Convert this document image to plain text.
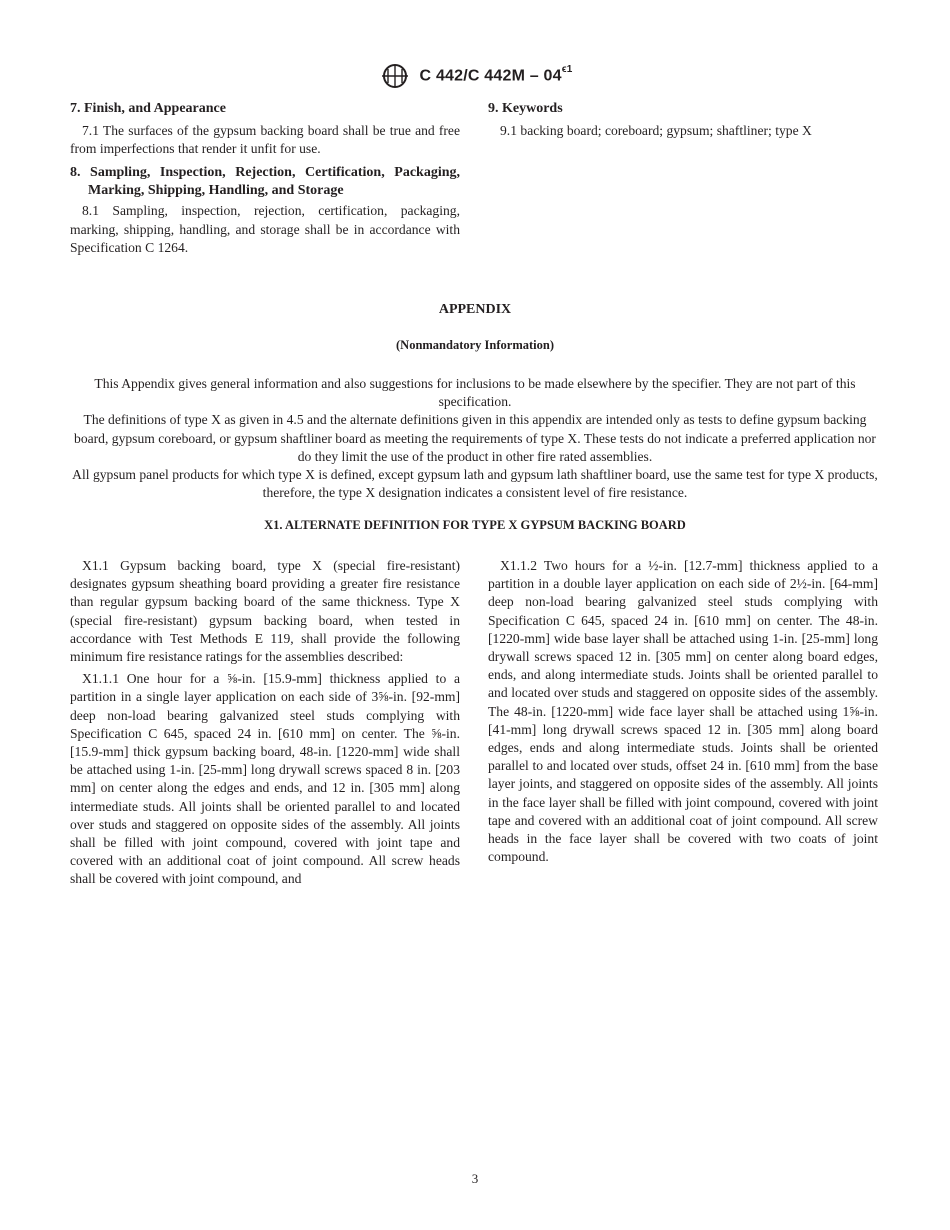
C 442/C $442M - 04^{\epsilon 1}$
7. Finish, and Appearance

7.1 The surfaces of the gypsum backing board shall be true and free from imperfections that render it unfit for use.

8. Sampling, Inspection, Rejection, Certification, Packaging, Marking, Shipping, Handling, and Storage

8.1 Sampling, inspection, rejection, certification, packaging, marking, shipping, handling, and storage shall be in accordance with Specification C 1264.

9. Keywords

9.1 backing board; coreboard; gypsum; shaftliner; type X

APPENDIX
(Nonmandatory Information)

This Appendix gives general information and also suggestions for inclusions to be made elsewhere by the specifier. They are not part of this specification.

The definitions of type X as given in 4.5 and the alternate definitions given in this appendix are intended only as tests to define gypsum backing board, gypsum coreboard, or gypsum shaftliner board as meeting the requirements of type X. These tests do not indicate a preferred application nor do they limit the use of the product in other fire rated assemblies.

All gypsum panel products for which type X is defined, except gypsum lath and gypsum lath shaftliner board, use the same test for type X products, therefore, the type X designation indicates a consistent level of fire resistance.

X1. ALTERNATE DEFINITION FOR TYPE X GYPSUM BACKING BOARD

X1.1 Gypsum backing board, type X (special fire-resistant) designates gypsum sheathing board providing a greater fire resistance than regular gypsum backing board of the same thickness. Type X (special fire-resistant) gypsum backing board, when tested in accordance with Test Methods E 119, shall provide the following minimum fire resistance ratings for the assemblies described:

X1.1.1 One hour for a ⅝-in. [15.9-mm] thickness applied to a partition in a single layer application on each side of 3⅝-in. [92-mm] deep non-load bearing galvanized steel studs complying with Specification C 645, spaced 24 in. [610 mm] on center. The ⅝-in. [15.9-mm] thick gypsum backing board, 48-in. [1220-mm] wide shall be attached using 1-in. [25-mm] long drywall screws spaced 8 in. [203 mm] on center along the edges and ends, and 12 in. [305 mm] along intermediate studs. All joints shall be oriented parallel to and located over studs and staggered on opposite sides of the assembly. All joints shall be filled with joint compound, covered with joint tape and covered with an additional coat of joint compound. All screw heads shall be covered with joint compound, and

X1.1.2 Two hours for a ½-in. [12.7-mm] thickness applied to a partition in a double layer application on each side of 2½-in. [64-mm] deep non-load bearing galvanized steel studs complying with Specification C 645, spaced 24 in. [610 mm] on center. The 48-in. [1220-mm] wide base layer shall be attached using 1-in. [25-mm] long drywall screws spaced 12 in. [305 mm] on center along board edges, ends, and along intermediate studs. Joints shall be oriented parallel to and located over studs and staggered on opposite sides of the assembly. The 48-in. [1220-mm] wide face layer shall be attached using 1⅝-in. [41-mm] long drywall screws spaced 12 in. [305 mm] along board edges, ends and along intermediate studs. Joints shall be oriented parallel to and located over studs, offset 24 in. [610 mm] from the base layer joints, and staggered on opposite sides of the assembly. All joints in the face layer shall be filled with joint compound, covered with joint tape and covered with an additional coat of joint compound. All screw heads in the face layer shall be covered with two coats of joint compound.

3
